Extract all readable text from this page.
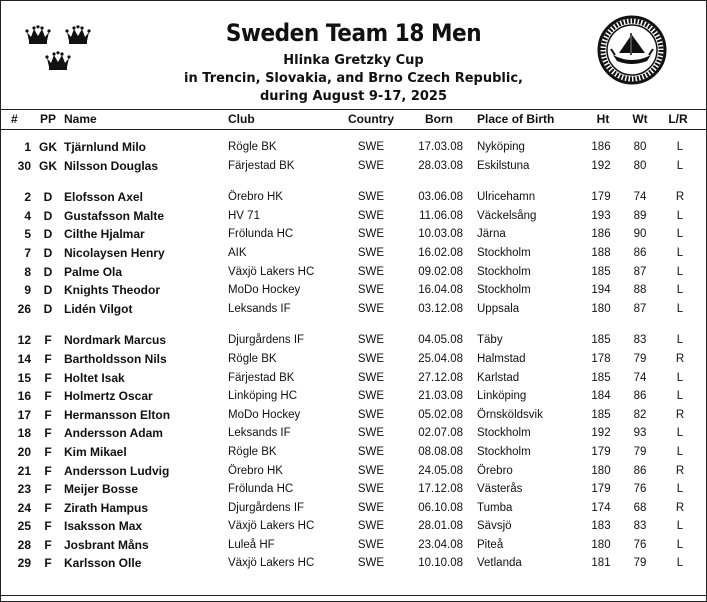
Sweden Team 18 Men
Hlinka Gretzky Cup
in Trencin, Slovakia, and Brno Czech Republic,
during August 9-17, 2025
#	PP Name	Club	Country	Born	Place of Birth	Ht	Wt	L/R
1 GK Tjärnlund Milo	Rögle BK	SWE	17.03.08 Nyköping	186	80	L
30 GK Nilsson Douglas	Färjestad BK	SWE	28.03.08 Eskilstuna	192	80	L
2	D Elofsson Axel	Örebro HK	SWE	03.06.08 Ulricehamn	179	74	R
4	D Gustafsson Malte	HV 71	SWE	11.06.08 Väckelsång	193	89	L
5	D Cilthe Hjalmar	Frölunda HC	SWE	10.03.08 Järna	186	90	L
7	D Nicolaysen Henry	AIK	SWE	16.02.08 Stockholm	188	86	L
8	D Palme Ola	Växjö Lakers HC	SWE	09.02.08 Stockholm	185	87	L
9	D Knights Theodor	MoDo Hockey	SWE	16.04.08 Stockholm	194	88	L
26	D Lidén Vilgot	Leksands IF	SWE	03.12.08 Uppsala	180	87	L
12	F	Nordmark Marcus	Djurgårdens IF	SWE	04.05.08 Täby	185	83	L
14	F	Bartholdsson Nils	Rögle BK	SWE	25.04.08 Halmstad	178	79	R
15	F	Holtet Isak	Färjestad BK	SWE	27.12.08 Karlstad	185	74	L
16	F	Holmertz Oscar	Linköping HC	SWE	21.03.08 Linköping	184	86	L
17	F	Hermansson Elton	MoDo Hockey	SWE	05.02.08 Örnsköldsvik	185	82	R
18	F	Andersson Adam	Leksands IF	SWE	02.07.08 Stockholm	192	93	L
20	F	Kim Mikael	Rögle BK	SWE	08.08.08 Stockholm	179	79	L
21	F	Andersson Ludvig	Örebro HK	SWE	24.05.08 Örebro	180	86	R
23	F	Meijer Bosse	Frölunda HC	SWE	17.12.08 Västerås	179	76	L
24	F	Zirath Hampus	Djurgårdens IF	SWE	06.10.08 Tumba	174	68	R
25	F	Isaksson Max	Växjö Lakers HC	SWE	28.01.08 Sävsjö	183	83	L
28	F	Josbrant Måns	Luleå HF	SWE	23.04.08 Piteå	180	76	L
29	F	Karlsson Olle	Växjö Lakers HC	SWE	10.10.08 Vetlanda	181	79	L
